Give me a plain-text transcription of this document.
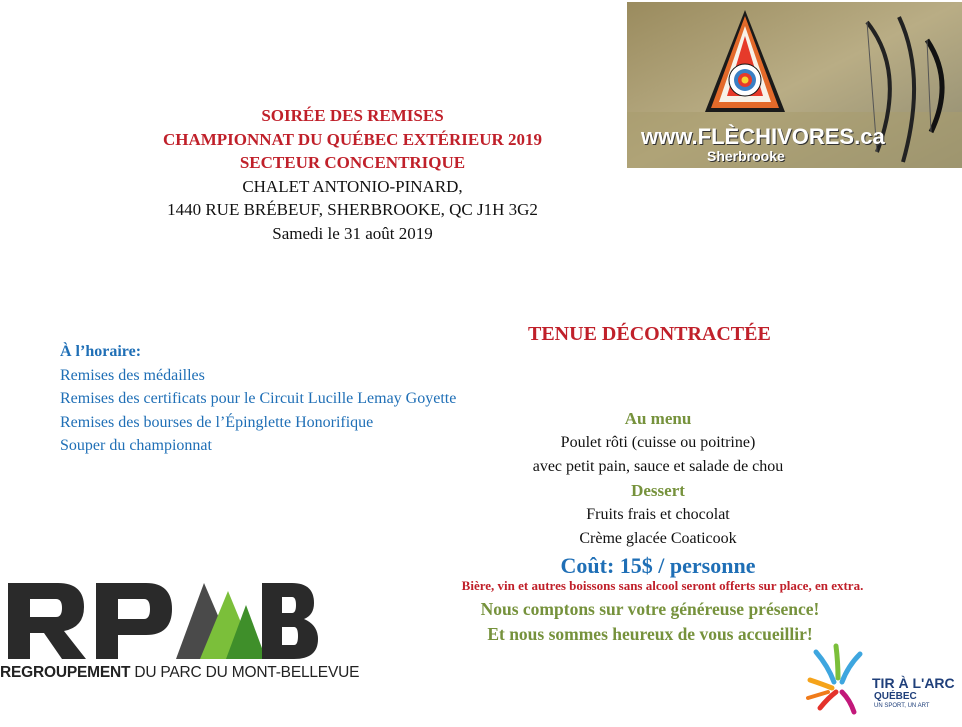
SOIRÉE DES REMISES
CHAMPIONNAT DU QUÉBEC EXTÉRIEUR 2019
SECTEUR CONCENTRIQUE
CHALET ANTONIO-PINARD,
1440 RUE BRÉBEUF, SHERBROOKE, QC J1H 3G2
Samedi le 31 août 2019
www.FLÈCHIVORES.ca
Sherbrooke
À l’horaire:
Remises des médailles
Remises des certificats pour le Circuit Lucille Lemay Goyette
Remises des bourses de l’Épinglette Honorifique
Souper du championnat
TENUE DÉCONTRACTÉE
Au menu
Poulet rôti (cuisse ou poitrine)
avec petit pain, sauce et salade de chou
Dessert
Fruits frais et chocolat
Crème glacée Coaticook
Coût: 15$ / personne
Bière, vin et autres boissons sans alcool seront offerts sur place, en extra.
Nous comptons sur votre généreuse présence!
Et nous sommes heureux de vous accueillir!
REGROUPEMENT DU PARC DU MONT-BELLEVUE
TIR À L'ARC
QUÉBEC
UN SPORT, UN ART
